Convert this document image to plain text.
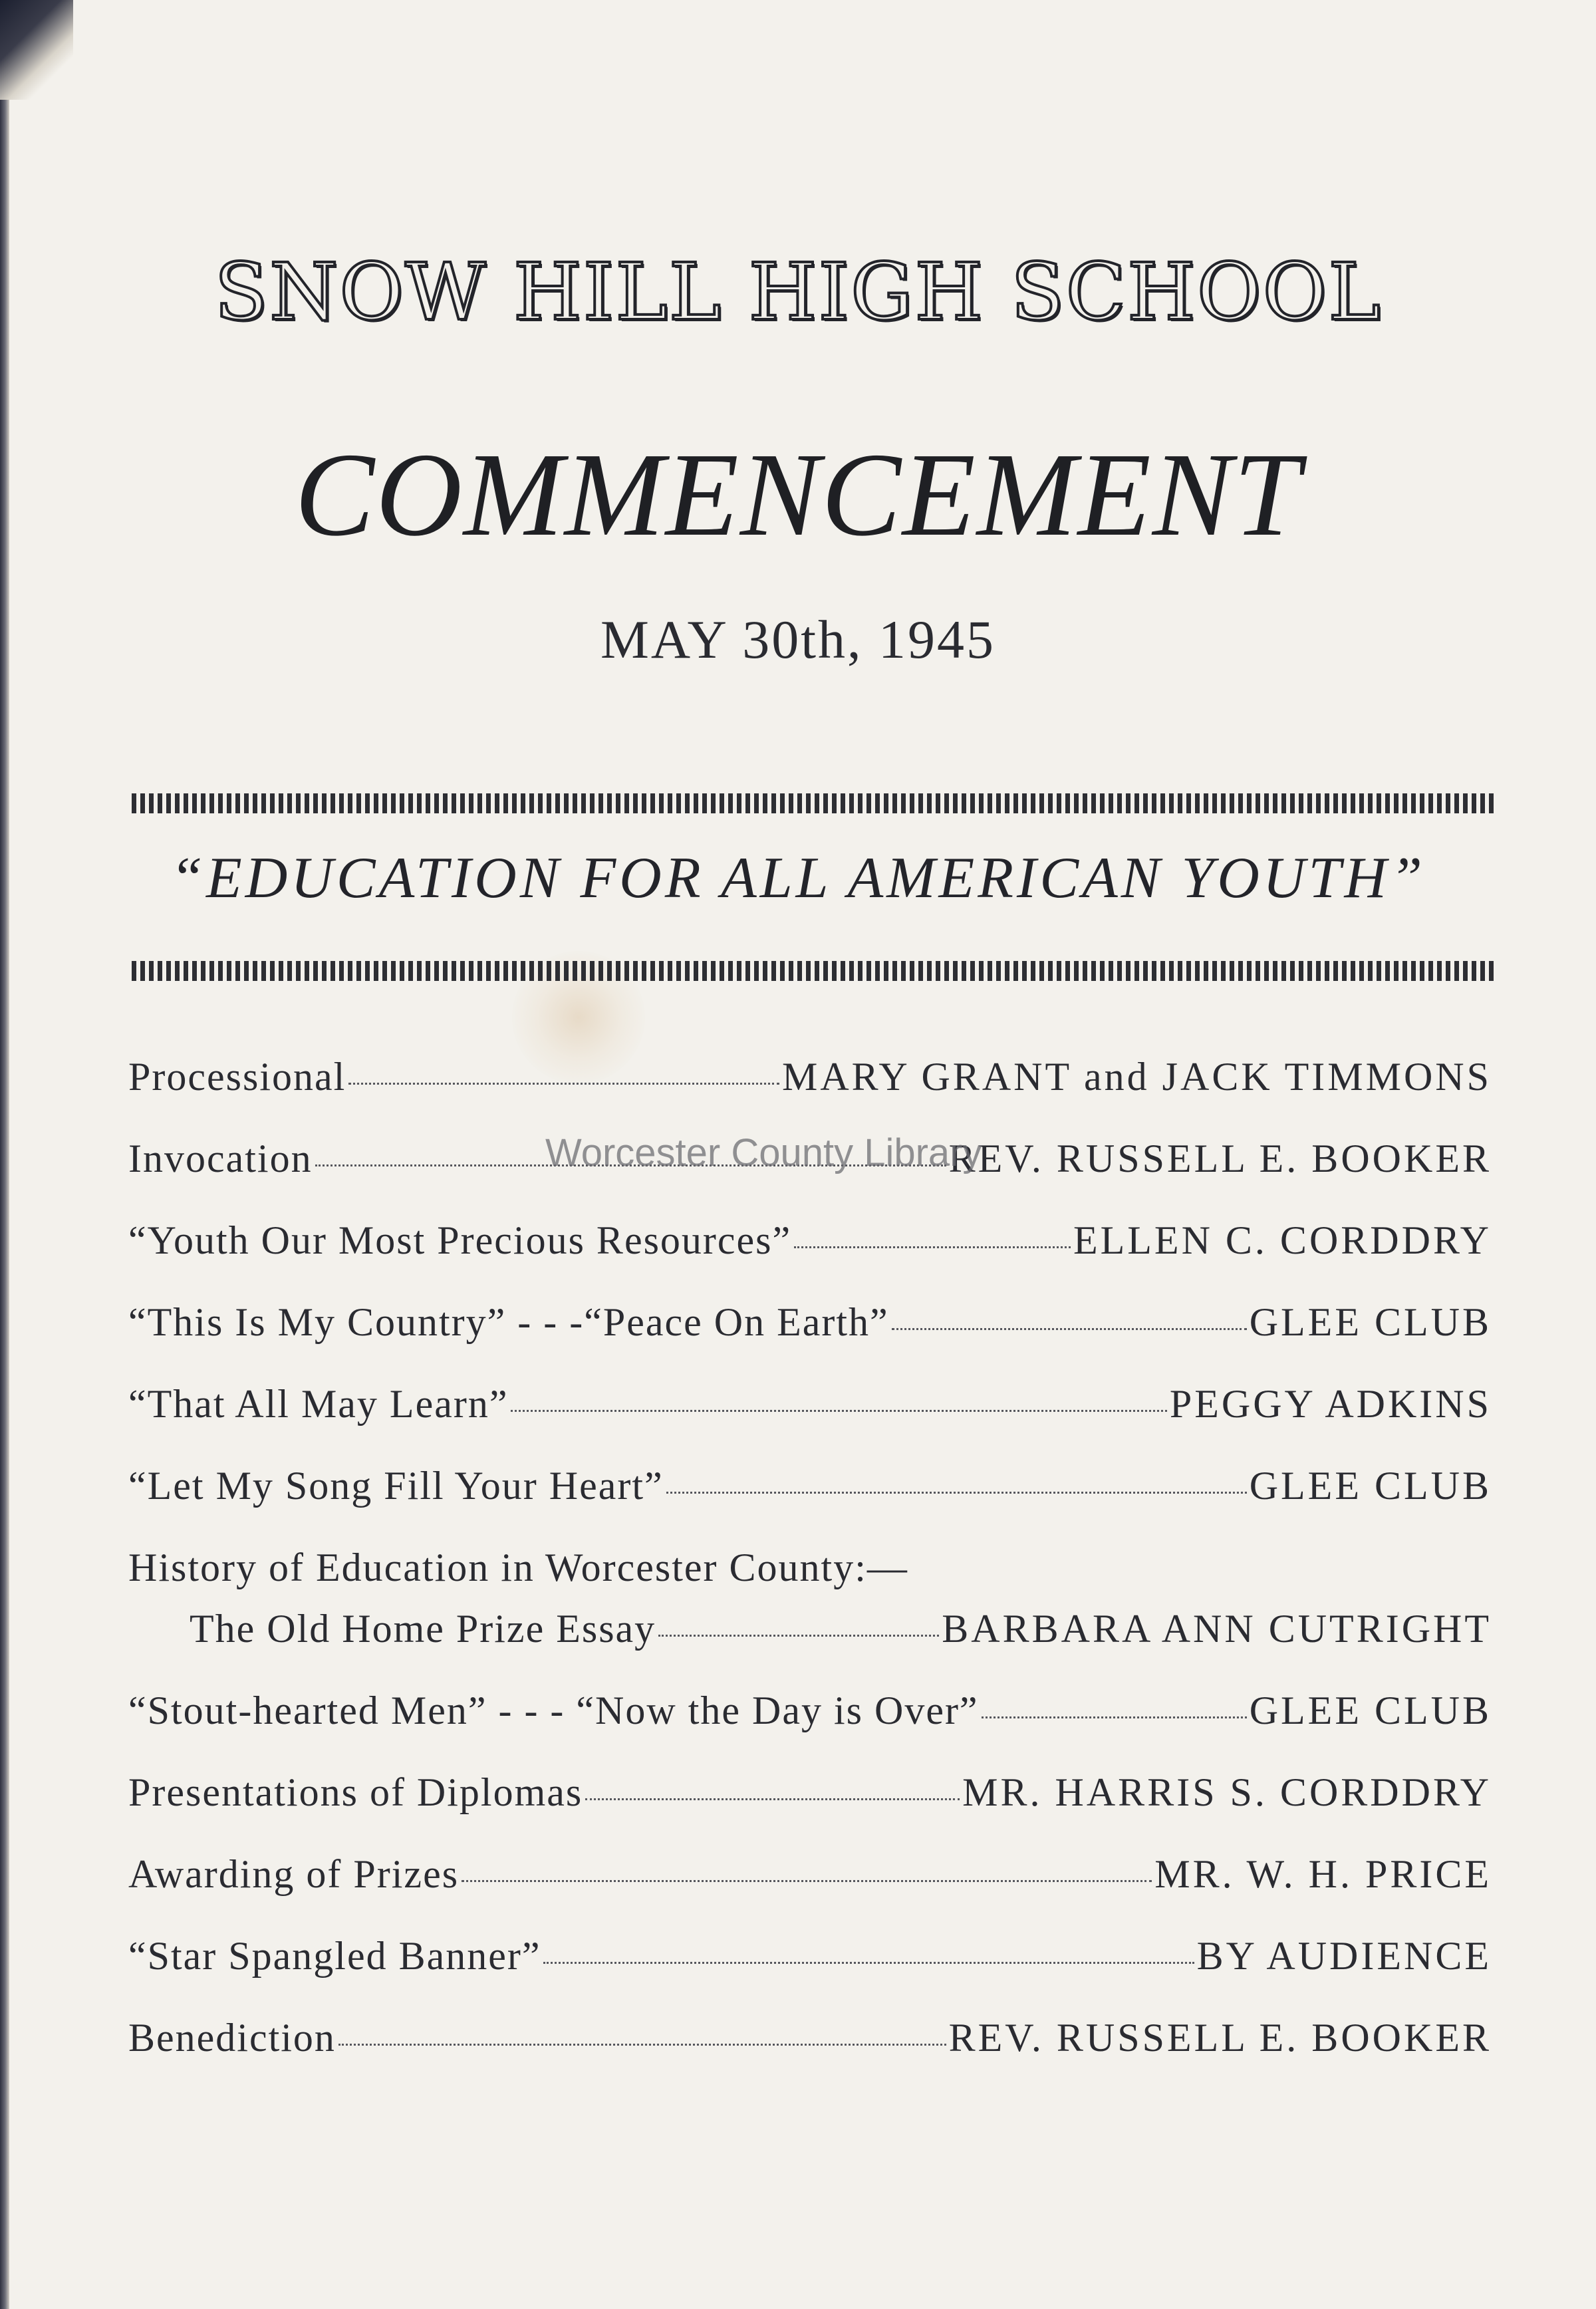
SNOW HILL HIGH SCHOOL
COMMENCEMENT
MAY 30th, 1945
“EDUCATION FOR ALL AMERICAN YOUTH”
Processional	MARY GRANT and JACK TIMMONS
Invocation	REV. RUSSELL E. BOOKER
“Youth Our Most Precious Resources”	ELLEN C. CORDDRY
“This Is My Country” - - -“Peace On Earth”	GLEE CLUB
“That All May Learn”	PEGGY ADKINS
“Let My Song Fill Your Heart”	GLEE CLUB
History of Education in Worcester County:—
The Old Home Prize Essay	BARBARA ANN CUTRIGHT
“Stout-hearted Men” - - - “Now the Day is Over”	GLEE CLUB
Presentations of Diplomas	MR. HARRIS S. CORDDRY
Awarding of Prizes	MR. W. H. PRICE
“Star Spangled Banner”	BY AUDIENCE
Benediction	REV. RUSSELL E. BOOKER
Worcester County Library
